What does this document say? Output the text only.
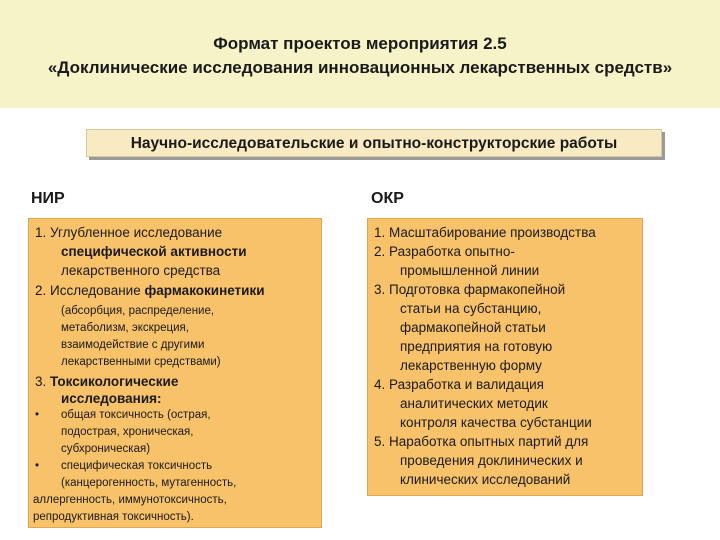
Формат проектов мероприятия 2.5
«Доклинические исследования инновационных лекарственных средств»
Научно-исследовательские и опытно-конструкторские работы
НИР	ОКР
1. Углубленное исследование
специфической активности
лекарственного средства
2. Исследование фармакокинетики
(абсорбция, распределение,
метаболизм, экскреция,
взаимодействие с другими
лекарственными средствами)
3. Токсикологические
исследования:
• общая токсичность (острая,
подострая, хроническая,
субхроническая)
• специфическая токсичность
(канцерогенность, мутагенность,
аллергенность, иммунотоксичность,
репродуктивная токсичность).
1. Масштабирование производства
2. Разработка опытно-
промышленной линии
3. Подготовка фармакопейной
статьи на субстанцию,
фармакопейной статьи
предприятия на готовую
лекарственную форму
4. Разработка и валидация
аналитических методик
контроля качества субстанции
5. Наработка опытных партий для
проведения доклинических и
клинических исследований
